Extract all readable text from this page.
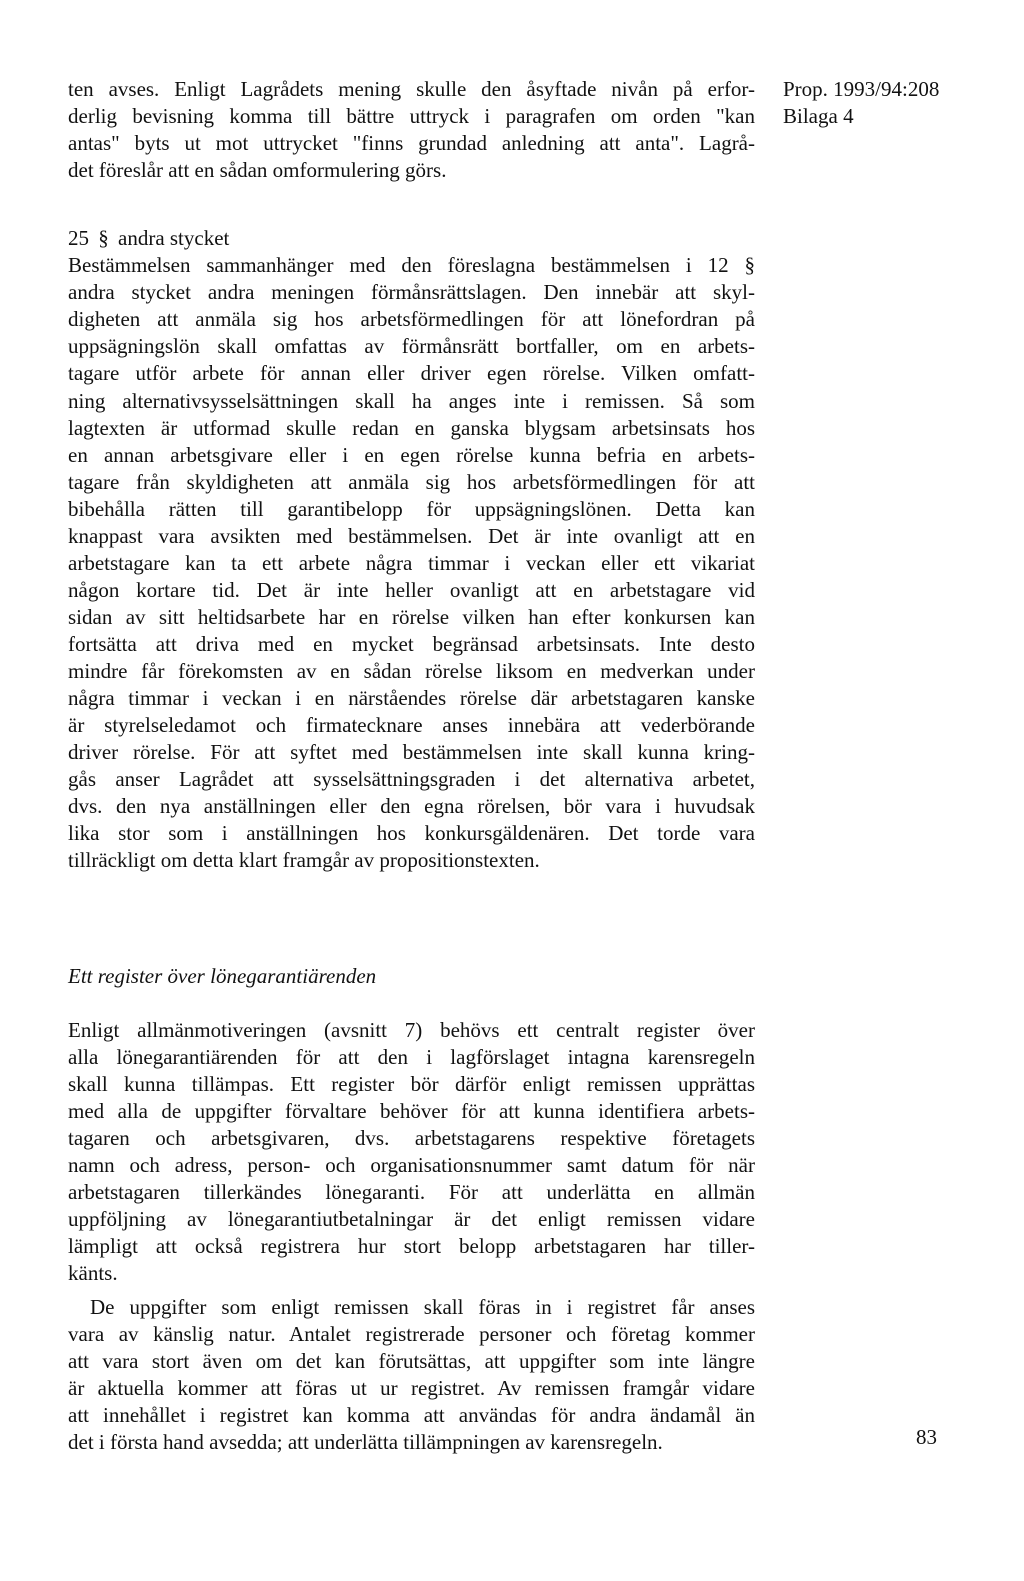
Prop. 1993/94:208
Bilaga 4
ten avses. Enligt Lagrådets mening skulle den åsyftade nivån på erfor-
derlig bevisning komma till bättre uttryck i paragrafen om orden "kan
antas" byts ut mot uttrycket "finns grundad anledning att anta". Lagrå-
det föreslår att en sådan omformulering görs.
25 § andra stycket
Bestämmelsen sammanhänger med den föreslagna bestämmelsen i 12 §
andra stycket andra meningen förmånsrättslagen. Den innebär att skyl-
digheten att anmäla sig hos arbetsförmedlingen för att lönefordran på
uppsägningslön skall omfattas av förmånsrätt bortfaller, om en arbets-
tagare utför arbete för annan eller driver egen rörelse. Vilken omfatt-
ning alternativsysselsättningen skall ha anges inte i remissen. Så som
lagtexten är utformad skulle redan en ganska blygsam arbetsinsats hos
en annan arbetsgivare eller i en egen rörelse kunna befria en arbets-
tagare från skyldigheten att anmäla sig hos arbetsförmedlingen för att
bibehålla rätten till garantibelopp för uppsägningslönen. Detta kan
knappast vara avsikten med bestämmelsen. Det är inte ovanligt att en
arbetstagare kan ta ett arbete några timmar i veckan eller ett vikariat
någon kortare tid. Det är inte heller ovanligt att en arbetstagare vid
sidan av sitt heltidsarbete har en rörelse vilken han efter konkursen kan
fortsätta att driva med en mycket begränsad arbetsinsats. Inte desto
mindre får förekomsten av en sådan rörelse liksom en medverkan under
några timmar i veckan i en närståendes rörelse där arbetstagaren kanske
är styrelseledamot och firmatecknare anses innebära att vederbörande
driver rörelse. För att syftet med bestämmelsen inte skall kunna kring-
gås anser Lagrådet att sysselsättningsgraden i det alternativa arbetet,
dvs. den nya anställningen eller den egna rörelsen, bör vara i huvudsak
lika stor som i anställningen hos konkursgäldenären. Det torde vara
tillräckligt om detta klart framgår av propositionstexten.
Ett register över lönegarantiärenden
Enligt allmänmotiveringen (avsnitt 7) behövs ett centralt register över
alla lönegarantiärenden för att den i lagförslaget intagna karensregeln
skall kunna tillämpas. Ett register bör därför enligt remissen upprättas
med alla de uppgifter förvaltare behöver för att kunna identifiera arbets-
tagaren och arbetsgivaren, dvs. arbetstagarens respektive företagets
namn och adress, person- och organisationsnummer samt datum för när
arbetstagaren tillerkändes lönegaranti. För att underlätta en allmän
uppföljning av lönegarantiutbetalningar är det enligt remissen vidare
lämpligt att också registrera hur stort belopp arbetstagaren har tiller-
känts.
De uppgifter som enligt remissen skall föras in i registret får anses
vara av känslig natur. Antalet registrerade personer och företag kommer
att vara stort även om det kan förutsättas, att uppgifter som inte längre
är aktuella kommer att föras ut ur registret. Av remissen framgår vidare
att innehållet i registret kan komma att användas för andra ändamål än
det i första hand avsedda; att underlätta tillämpningen av karensregeln.	83
